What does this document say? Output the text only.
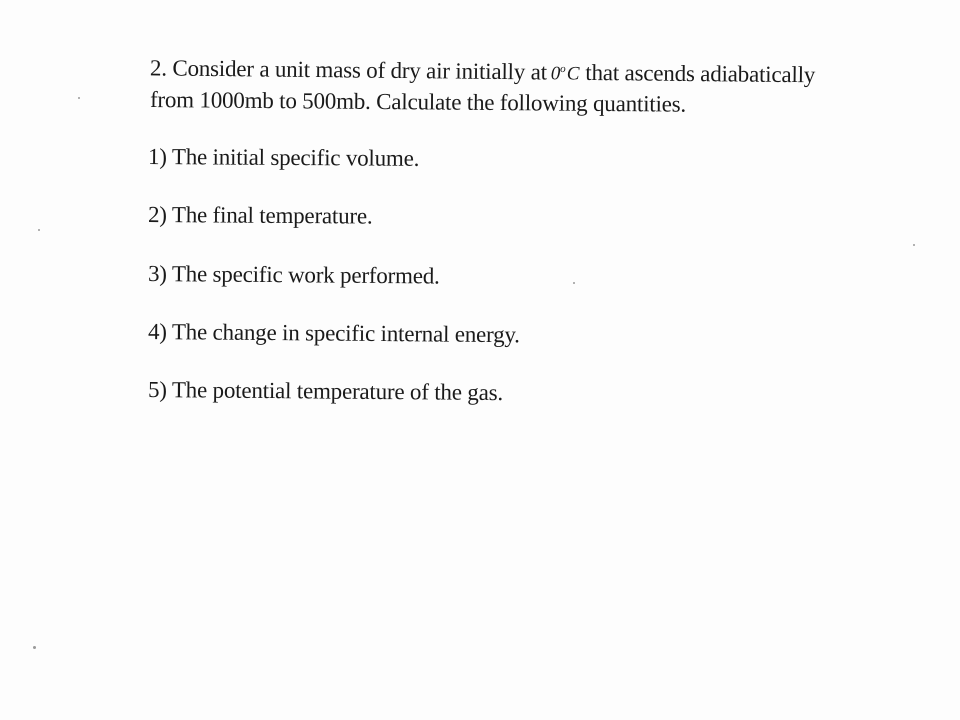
2. Consider a unit mass of dry air initially at 0$^o$ C that ascends adiabatically
from 1000mb to 500mb. Calculate the following quantities.
1) The initial specific volume.
2) The final temperature.
3) The specific work performed.
4) The change in specific internal energy.
5) The potential temperature of the gas.
